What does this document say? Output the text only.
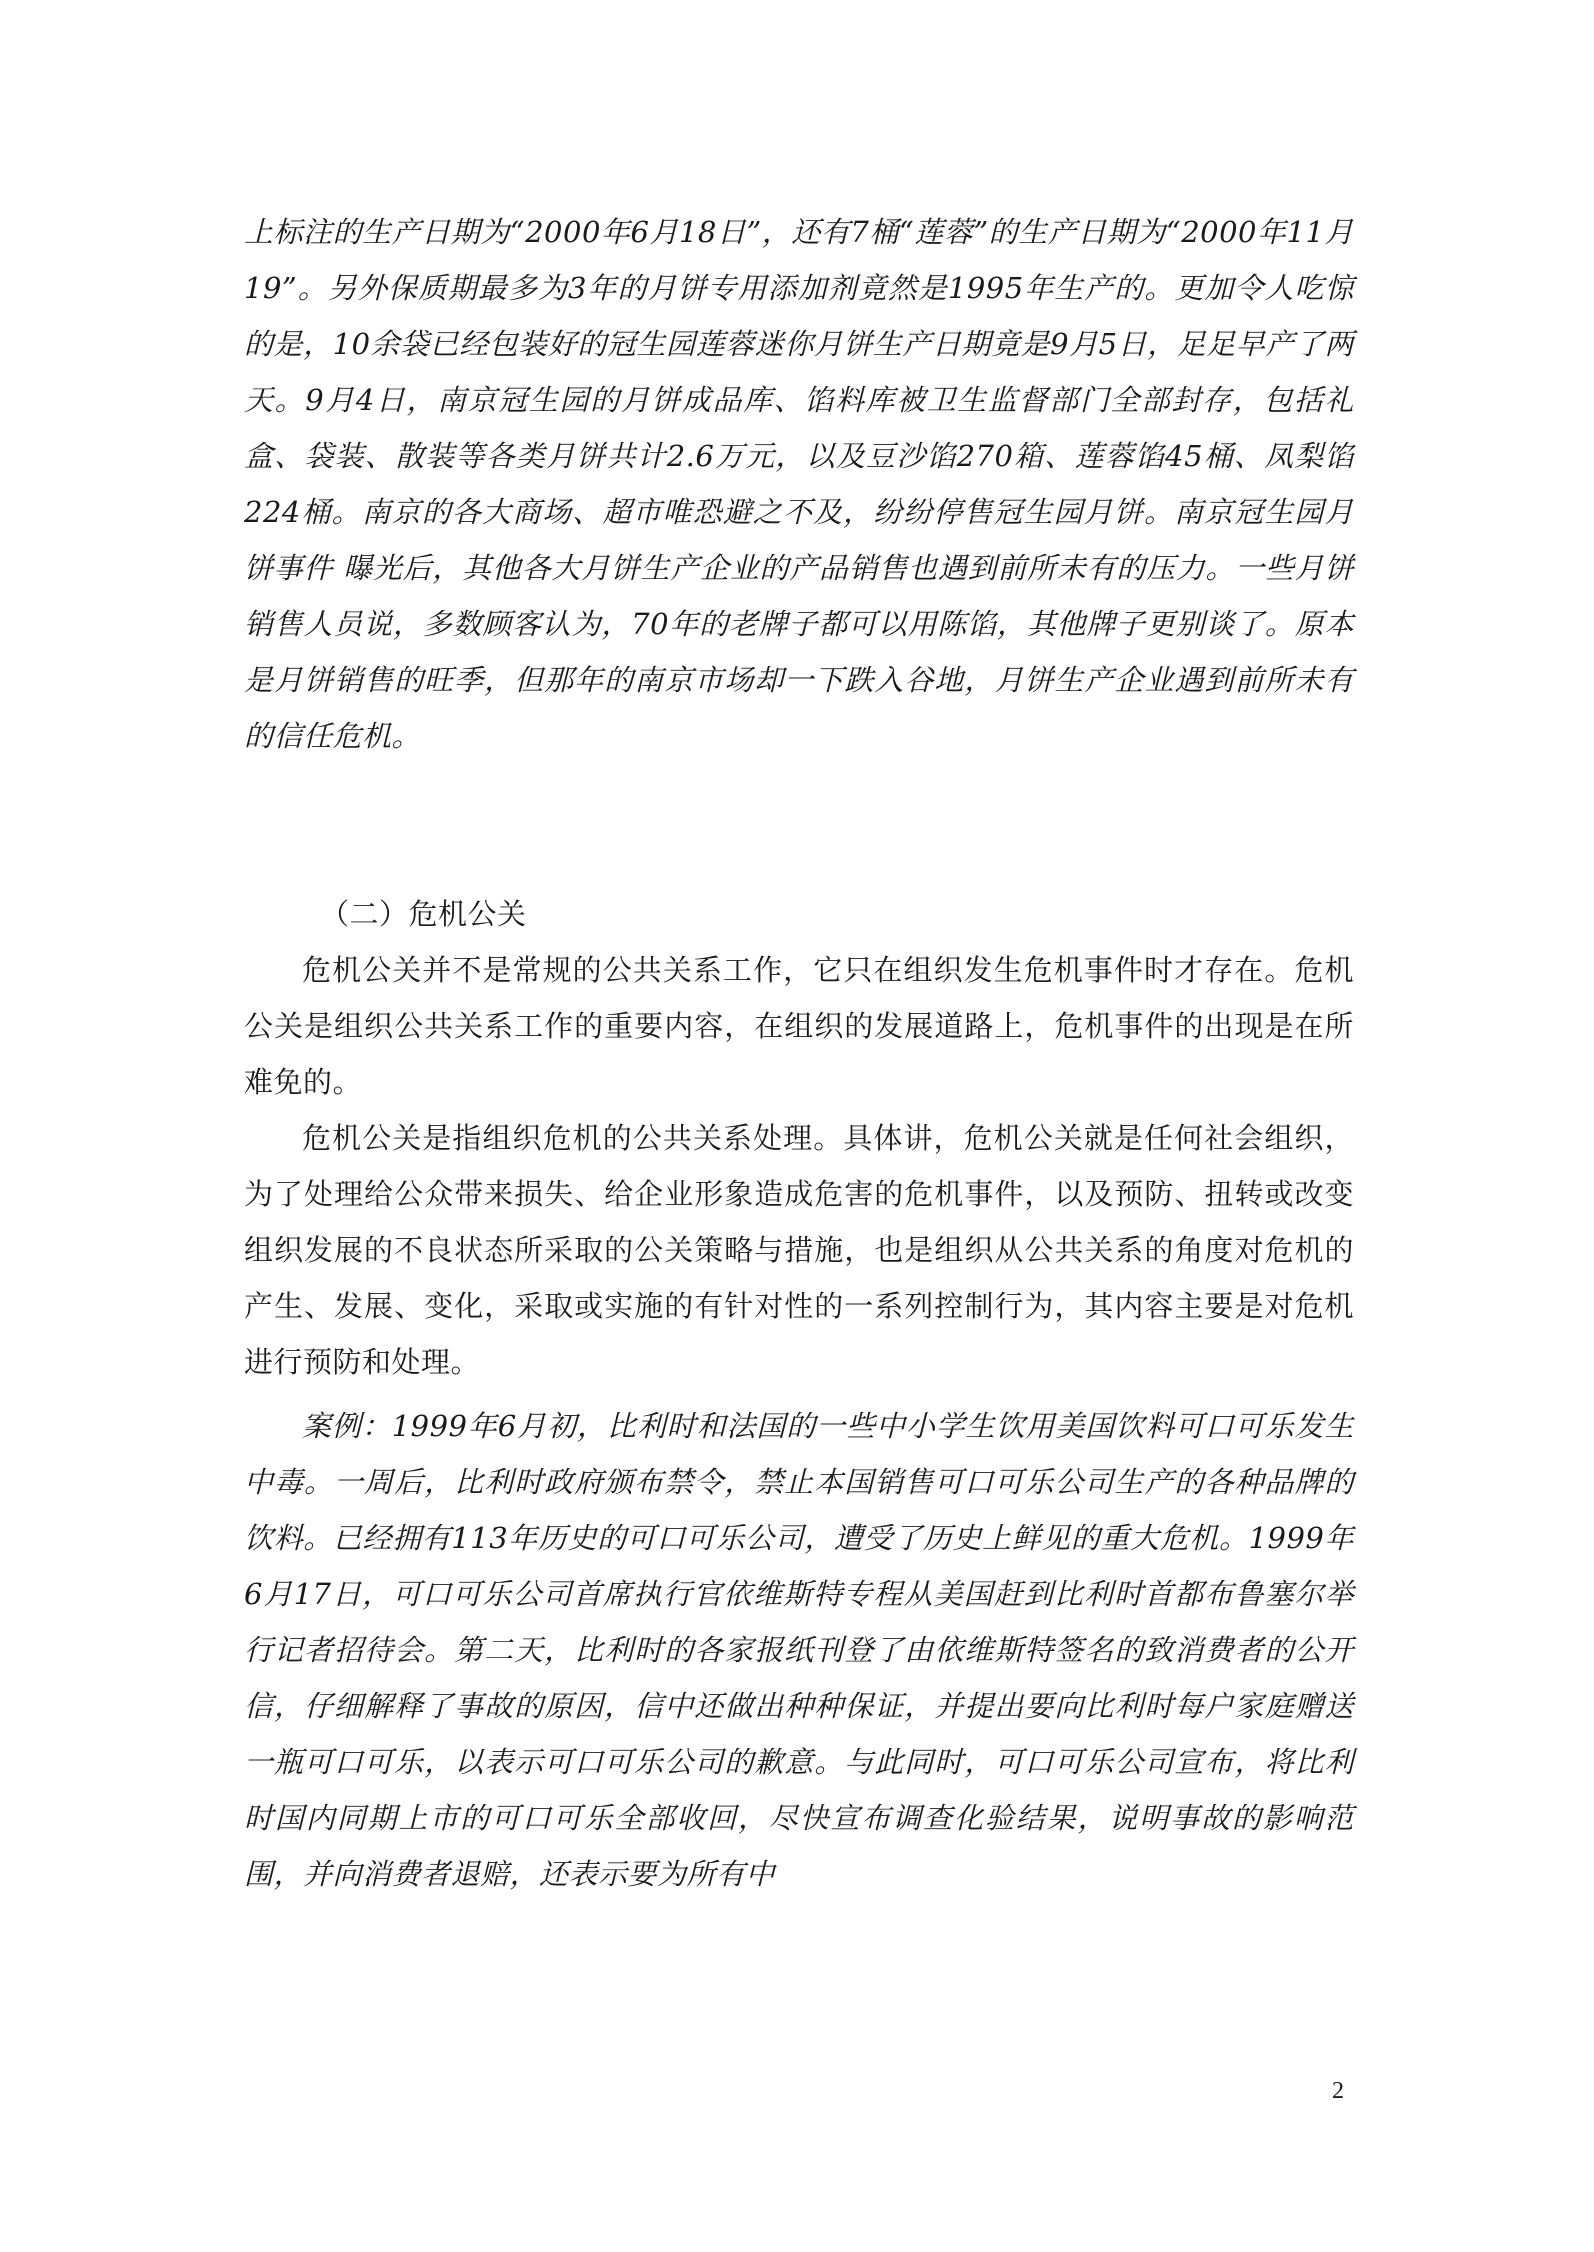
上标注的生产日期为“2000年6月18日”，还有7桶“莲蓉”的生产日期为“2000年11月19”。另外保质期最多为3年的月饼专用添加剂竟然是1995年生产的。更加令人吃惊的是，10余袋已经包装好的冠生园莲蓉迷你月饼生产日期竟是9月5日，足足早产了两天。9月4日，南京冠生园的月饼成品库、馅料库被卫生监督部门全部封存，包括礼盒、袋装、散装等各类月饼共计2.6万元，以及豆沙馅270箱、莲蓉馅45桶、凤梨馅224桶。南京的各大商场、超市唯恐避之不及，纷纷停售冠生园月饼。南京冠生园月饼事件 曝光后，其他各大月饼生产企业的产品销售也遇到前所未有的压力。一些月饼销售人员说，多数顾客认为，70年的老牌子都可以用陈馅，其他牌子更别谈了。原本是月饼销售的旺季，但那年的南京市场却一下跌入谷地，月饼生产企业遇到前所未有的信任危机。

（二）危机公关

危机公关并不是常规的公共关系工作，它只在组织发生危机事件时才存在。危机公关是组织公共关系工作的重要内容，在组织的发展道路上，危机事件的出现是在所难免的。

危机公关是指组织危机的公共关系处理。具体讲，危机公关就是任何社会组织，为了处理给公众带来损失、给企业形象造成危害的危机事件，以及预防、扭转或改变组织发展的不良状态所采取的公关策略与措施，也是组织从公共关系的角度对危机的产生、发展、变化，采取或实施的有针对性的一系列控制行为，其内容主要是对危机进行预防和处理。

案例：1999年6月初，比利时和法国的一些中小学生饮用美国饮料可口可乐发生中毒。一周后，比利时政府颁布禁令，禁止本国销售可口可乐公司生产的各种品牌的饮料。已经拥有113年历史的可口可乐公司，遭受了历史上鲜见的重大危机。1999年6月17日，可口可乐公司首席执行官依维斯特专程从美国赶到比利时首都布鲁塞尔举行记者招待会。第二天，比利时的各家报纸刊登了由依维斯特签名的致消费者的公开信，仔细解释了事故的原因，信中还做出种种保证，并提出要向比利时每户家庭赠送一瓶可口可乐，以表示可口可乐公司的歉意。与此同时，可口可乐公司宣布，将比利时国内同期上市的可口可乐全部收回，尽快宣布调查化验结果，说明事故的影响范围，并向消费者退赔，还表示要为所有中

2
